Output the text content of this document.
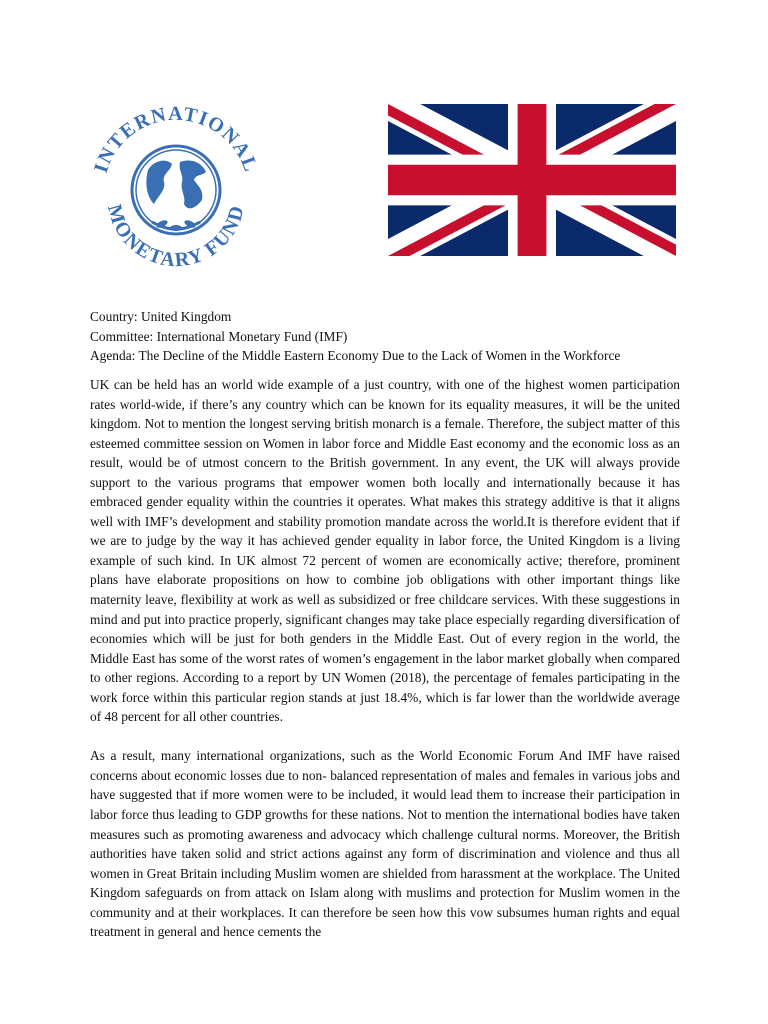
INTERNATIONAL
MONETARY FUND
Country: United Kingdom
Committee: International Monetary Fund (IMF)
Agenda: The Decline of the Middle Eastern Economy Due to the Lack of Women in the Workforce

UK can be held has an world wide example of a just country, with one of the highest women participation rates world-wide, if there’s any country which can be known for its equality measures, it will be the united kingdom. Not to mention the longest serving british monarch is a female. Therefore, the subject matter of this esteemed committee session on Women in labor force and Middle East economy and the economic loss as an result, would be of utmost concern to the British government. In any event, the UK will always provide support to the various programs that empower women both locally and internationally because it has embraced gender equality within the countries it operates. What makes this strategy additive is that it aligns well with IMF’s development and stability promotion mandate across the world.It is therefore evident that if we are to judge by the way it has achieved gender equality in labor force, the United Kingdom is a living example of such kind. In UK almost 72 percent of women are economically active; therefore, prominent plans have elaborate propositions on how to combine job obligations with other important things like maternity leave, flexibility at work as well as subsidized or free childcare services. With these suggestions in mind and put into practice properly, significant changes may take place especially regarding diversification of economies which will be just for both genders in the Middle East. Out of every region in the world, the Middle East has some of the worst rates of women’s engagement in the labor market globally when compared to other regions. According to a report by UN Women (2018), the percentage of females participating in the work force within this particular region stands at just 18.4%, which is far lower than the worldwide average of 48 percent for all other countries.

As a result, many international organizations, such as the World Economic Forum And IMF have raised concerns about economic losses due to non- balanced representation of males and females in various jobs and have suggested that if more women were to be included, it would lead them to increase their participation in labor force thus leading to GDP growths for these nations. Not to mention the international bodies have taken measures such as promoting awareness and advocacy which challenge cultural norms. Moreover, the British authorities have taken solid and strict actions against any form of discrimination and violence and thus all women in Great Britain including Muslim women are shielded from harassment at the workplace. The United Kingdom safeguards on from attack on Islam along with muslims and protection for Muslim women in the community and at their workplaces. It can therefore be seen how this vow subsumes human rights and equal treatment in general and hence cements the
